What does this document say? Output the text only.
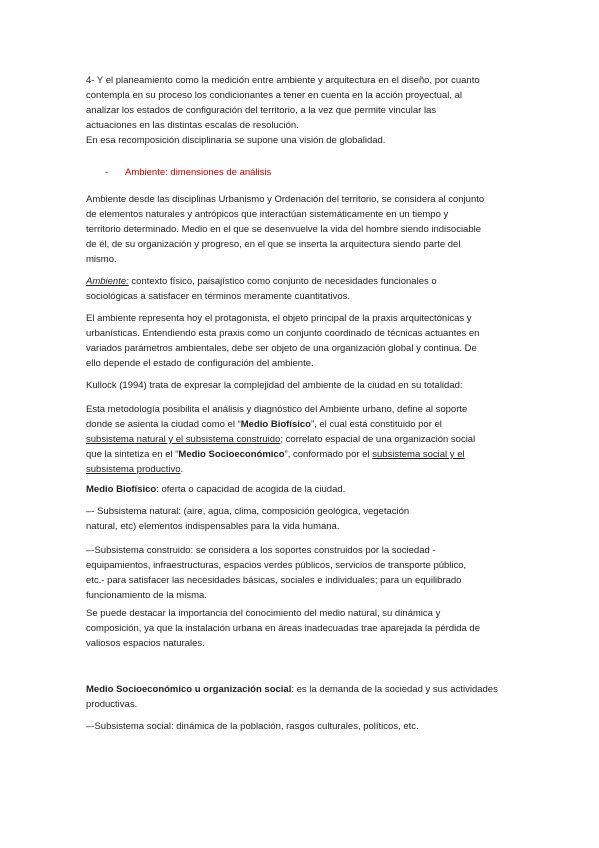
4- Y el planeamiento como la medición entre ambiente y arquitectura en el diseño, por cuanto
contempla en su proceso los condicionantes a tener en cuenta en la acción proyectual, al
analizar los estados de configuración del territorio, a la vez que permite vincular las
actuaciones en las distintas escalas de resolución.
En esa recomposición disciplinaria se supone una visión de globalidad.

- Ambiente: dimensiones de análisis

Ambiente desde las disciplinas Urbanismo y Ordenación del territorio, se considera al conjunto
de elementos naturales y antrópicos que interactúan sistemáticamente en un tiempo y
territorio determinado. Medio en el que se desenvuelve la vida del hombre siendo indisociable
de él, de su organización y progreso, en el que se inserta la arquitectura siendo parte del
mismo.

Ambiente: contexto físico, paisajístico como conjunto de necesidades funcionales o
sociológicas a satisfacer en términos meramente cuantitativos.

El ambiente representa hoy el protagonista, el objeto principal de la praxis arquitectónicas y
urbanísticas. Entendiendo esta praxis como un conjunto coordinado de técnicas actuantes en
variados parámetros ambientales, debe ser objeto de una organización global y continua. De
ello depende el estado de configuración del ambiente.

Kullock (1994) trata de expresar la complejidad del ambiente de la ciudad en su totalidad:

Esta metodología posibilita el análisis y diagnóstico del Ambiente urbano, define al soporte
donde se asienta la ciudad como el “Medio Biofísico”, el cual está constituido por el
subsistema natural y el subsistema construido; correlato espacial de una organización social
que la sintetiza en el “Medio Socioeconómico”, conformado por el subsistema social y el
subsistema productivo.

Medio Biofísico: oferta o capacidad de acogida de la ciudad.

–- Subsistema natural: (aire, agua, clima, composición geológica, vegetación
natural, etc) elementos indispensables para la vida humana.

–-Subsistema construido: se considera a los soportes construidos por la sociedad -
equipamientos, infraestructuras, espacios verdes públicos, servicios de transporte público,
etc.- para satisfacer las necesidades básicas, sociales e individuales; para un equilibrado
funcionamiento de la misma.

Se puede destacar la importancia del conocimiento del medio natural, su dinámica y
composición, ya que la instalación urbana en áreas inadecuadas trae aparejada la pérdida de
valiosos espacios naturales.

Medio Socioeconómico u organización social: es la demanda de la sociedad y sus actividades
productivas.

–-Subsistema social: dinámica de la población, rasgos culturales, políticos, etc.
